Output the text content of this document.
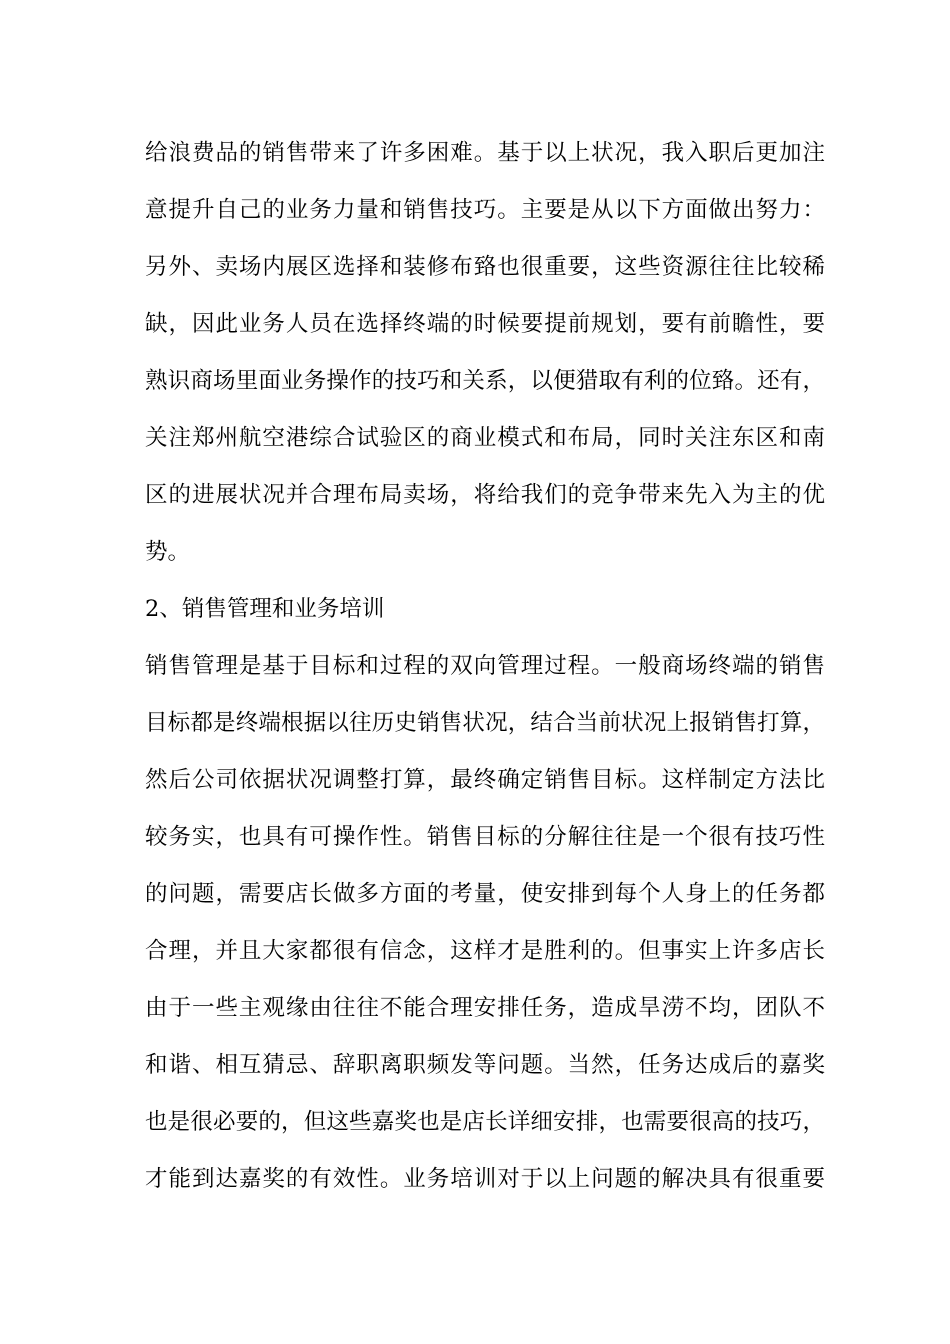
给浪费品的销售带来了许多困难。基于以上状况，我入职后更加注
意提升自己的业务力量和销售技巧。主要是从以下方面做出努力：
另外、卖场内展区选择和装修布臵也很重要，这些资源往往比较稀
缺，因此业务人员在选择终端的时候要提前规划，要有前瞻性，要
熟识商场里面业务操作的技巧和关系，以便猎取有利的位臵。还有，
关注郑州航空港综合试验区的商业模式和布局，同时关注东区和南
区的进展状况并合理布局卖场，将给我们的竞争带来先入为主的优
势。
2、销售管理和业务培训
销售管理是基于目标和过程的双向管理过程。一般商场终端的销售
目标都是终端根据以往历史销售状况，结合当前状况上报销售打算，
然后公司依据状况调整打算，最终确定销售目标。这样制定方法比
较务实，也具有可操作性。销售目标的分解往往是一个很有技巧性
的问题，需要店长做多方面的考量，使安排到每个人身上的任务都
合理，并且大家都很有信念，这样才是胜利的。但事实上许多店长
由于一些主观缘由往往不能合理安排任务，造成旱涝不均，团队不
和谐、相互猜忌、辞职离职频发等问题。当然，任务达成后的嘉奖
也是很必要的，但这些嘉奖也是店长详细安排，也需要很高的技巧，
才能到达嘉奖的有效性。业务培训对于以上问题的解决具有很重要
